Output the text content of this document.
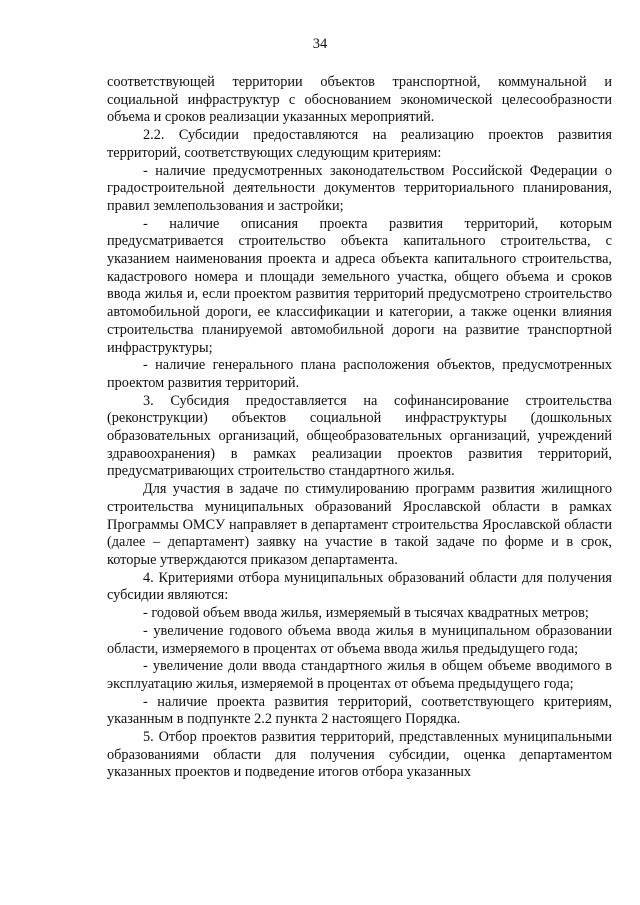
34

соответствующей территории объектов транспортной, коммунальной и социальной инфраструктур с обоснованием экономической целесообразности объема и сроков реализации указанных мероприятий.

2.2. Субсидии предоставляются на реализацию проектов развития территорий, соответствующих следующим критериям:

- наличие предусмотренных законодательством Российской Федерации о градостроительной деятельности документов территориального планирования, правил землепользования и застройки;

- наличие описания проекта развития территорий, которым предусматривается строительство объекта капитального строительства, с указанием наименования проекта и адреса объекта капитального строительства, кадастрового номера и площади земельного участка, общего объема и сроков ввода жилья и, если проектом развития территорий предусмотрено строительство автомобильной дороги, ее классификации и категории, а также оценки влияния строительства планируемой автомобильной дороги на развитие транспортной инфраструктуры;

- наличие генерального плана расположения объектов, предусмотренных проектом развития территорий.

3. Субсидия предоставляется на софинансирование строительства (реконструкции) объектов социальной инфраструктуры (дошкольных образовательных организаций, общеобразовательных организаций, учреждений здравоохранения) в рамках реализации проектов развития территорий, предусматривающих строительство стандартного жилья.

Для участия в задаче по стимулированию программ развития жилищного строительства муниципальных образований Ярославской области в рамках Программы ОМСУ направляет в департамент строительства Ярославской области (далее – департамент) заявку на участие в такой задаче по форме и в срок, которые утверждаются приказом департамента.

4. Критериями отбора муниципальных образований области для получения субсидии являются:

- годовой объем ввода жилья, измеряемый в тысячах квадратных метров;

- увеличение годового объема ввода жилья в муниципальном образовании области, измеряемого в процентах от объема ввода жилья предыдущего года;

- увеличение доли ввода стандартного жилья в общем объеме вводимого в эксплуатацию жилья, измеряемой в процентах от объема предыдущего года;

- наличие проекта развития территорий, соответствующего критериям, указанным в подпункте 2.2 пункта 2 настоящего Порядка.

5. Отбор проектов развития территорий, представленных муниципальными образованиями области для получения субсидии, оценка департаментом указанных проектов и подведение итогов отбора указанных
